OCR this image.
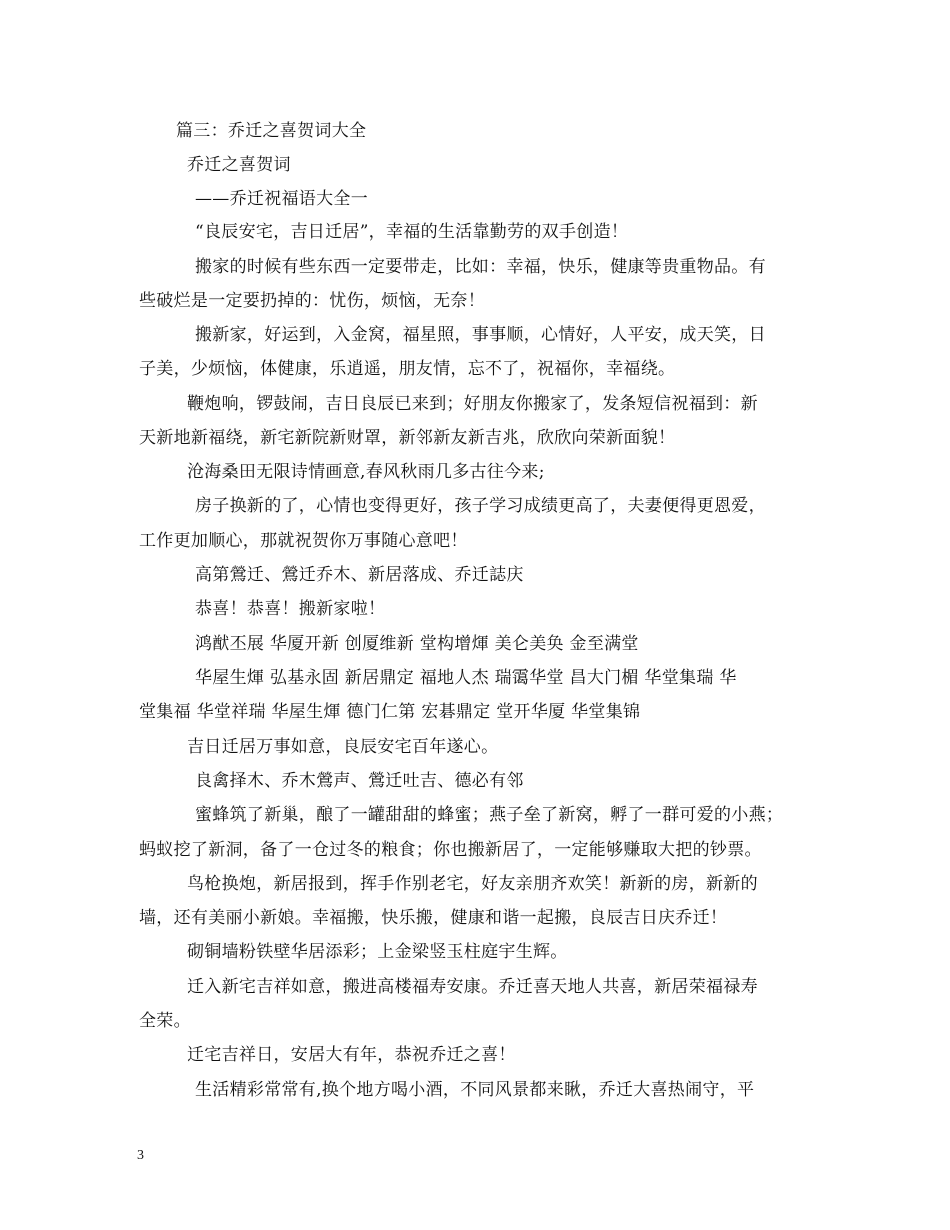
篇三：乔迁之喜贺词大全
乔迁之喜贺词
——乔迁祝福语大全一
“良辰安宅，吉日迁居”，幸福的生活靠勤劳的双手创造！
搬家的时候有些东西一定要带走，比如：幸福，快乐，健康等贵重物品。有
些破烂是一定要扔掉的：忧伤，烦恼，无奈！
搬新家，好运到，入金窝，福星照，事事顺，心情好，人平安，成天笑，日
子美，少烦恼，体健康，乐逍遥，朋友情，忘不了，祝福你，幸福绕。
鞭炮响，锣鼓闹，吉日良辰已来到；好朋友你搬家了，发条短信祝福到：新
天新地新福绕，新宅新院新财罩，新邻新友新吉兆，欣欣向荣新面貌！
沧海桑田无限诗情画意,春风秋雨几多古往今来;
房子换新的了，心情也变得更好，孩子学习成绩更高了，夫妻便得更恩爱，
工作更加顺心，那就祝贺你万事随心意吧！
高第鶯迁、鶯迁乔木、新居落成、乔迁誌庆
恭喜！恭喜！搬新家啦！
鸿猷丕展 华厦开新 创厦维新 堂构增煇 美仑美奂 金至满堂
华屋生煇 弘基永固 新居鼎定 福地人杰 瑞霭华堂 昌大门楣 华堂集瑞 华
堂集福 华堂祥瑞 华屋生煇 德门仁第 宏碁鼎定 堂开华厦 华堂集锦
吉日迁居万事如意，良辰安宅百年遂心。
良禽择木、乔木鶯声、鶯迁吐吉、德必有邻
蜜蜂筑了新巢，酿了一罐甜甜的蜂蜜；燕子垒了新窝，孵了一群可爱的小燕；
蚂蚁挖了新洞，备了一仓过冬的粮食；你也搬新居了，一定能够赚取大把的钞票。
鸟枪换炮，新居报到，挥手作别老宅，好友亲朋齐欢笑！新新的房，新新的
墙，还有美丽小新娘。幸福搬，快乐搬，健康和谐一起搬，良辰吉日庆乔迁！
砌铜墙粉铁壁华居添彩；上金梁竖玉柱庭宇生辉。
迁入新宅吉祥如意，搬进高楼福寿安康。乔迁喜天地人共喜，新居荣福禄寿
全荣。
迁宅吉祥日，安居大有年，恭祝乔迁之喜！
生活精彩常常有,换个地方喝小酒，不同风景都来瞅，乔迁大喜热闹守，平
3
